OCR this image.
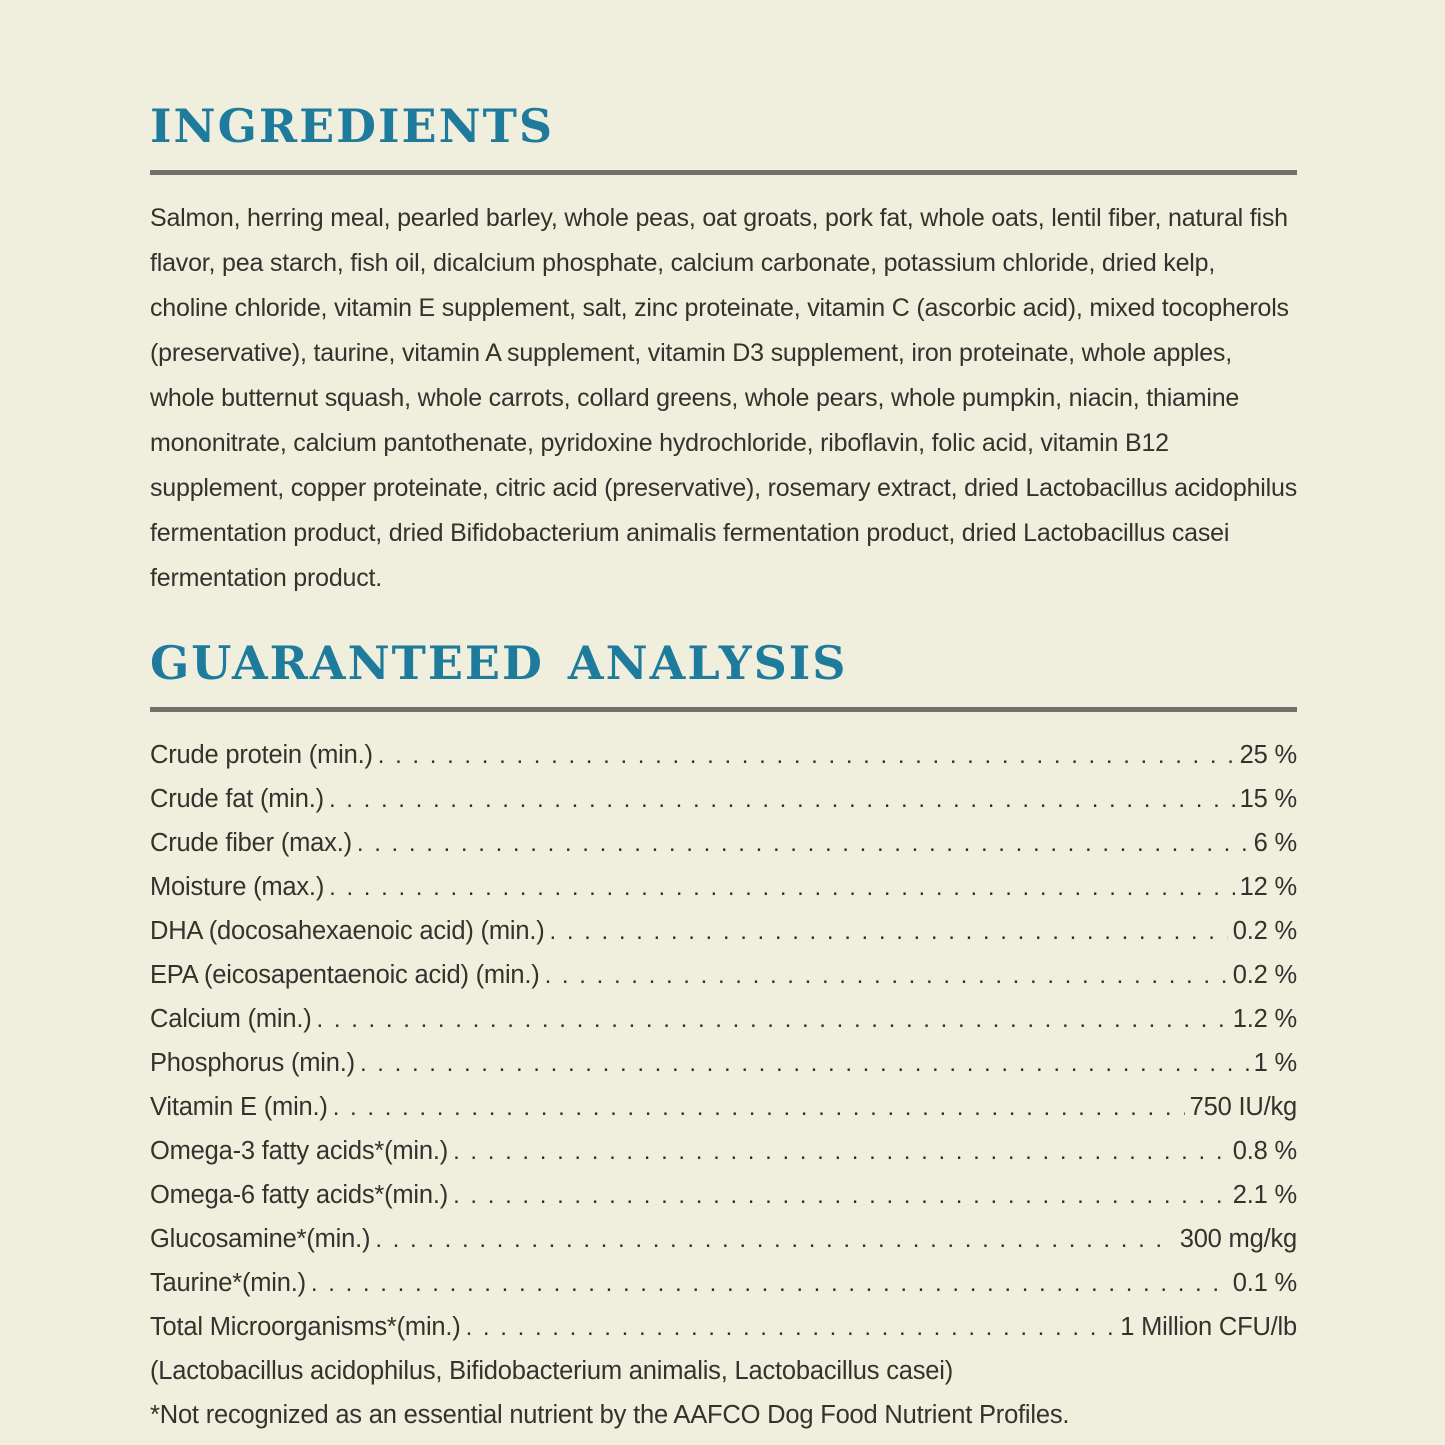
INGREDIENTS

Salmon, herring meal, pearled barley, whole peas, oat groats, pork fat, whole oats, lentil fiber, natural fish flavor, pea starch, fish oil, dicalcium phosphate, calcium carbonate, potassium chloride, dried kelp, choline chloride, vitamin E supplement, salt, zinc proteinate, vitamin C (ascorbic acid), mixed tocopherols (preservative), taurine, vitamin A supplement, vitamin D3 supplement, iron proteinate, whole apples, whole butternut squash, whole carrots, collard greens, whole pears, whole pumpkin, niacin, thiamine mononitrate, calcium pantothenate, pyridoxine hydrochloride, riboflavin, folic acid, vitamin B12 supplement, copper proteinate, citric acid (preservative), rosemary extract, dried Lactobacillus acidophilus fermentation product, dried Bifidobacterium animalis fermentation product, dried Lactobacillus casei fermentation product.

GUARANTEED ANALYSIS
Crude protein (min.) . . .	25 %
Crude fat (min.) . . .	15 %
Crude fiber (max.) . . .	6 %
Moisture (max.) . . .	12 %
DHA (docosahexaenoic acid) (min.) . . .	0.2 %
EPA (eicosapentaenoic acid) (min.) . . .	0.2 %
Calcium (min.) . . .	1.2 %
Phosphorus (min.) . . .	1 %
Vitamin E (min.) . . .	750 IU/kg
Omega-3 fatty acids*(min.) . . .	0.8 %
Omega-6 fatty acids*(min.) . . .	2.1 %
Glucosamine*(min.) . . .	300 mg/kg
Taurine*(min.) . . .	0.1 %
Total Microorganisms*(min.) . . .	1 Million CFU/lb
(Lactobacillus acidophilus, Bifidobacterium animalis, Lactobacillus casei)
*Not recognized as an essential nutrient by the AAFCO Dog Food Nutrient Profiles.
